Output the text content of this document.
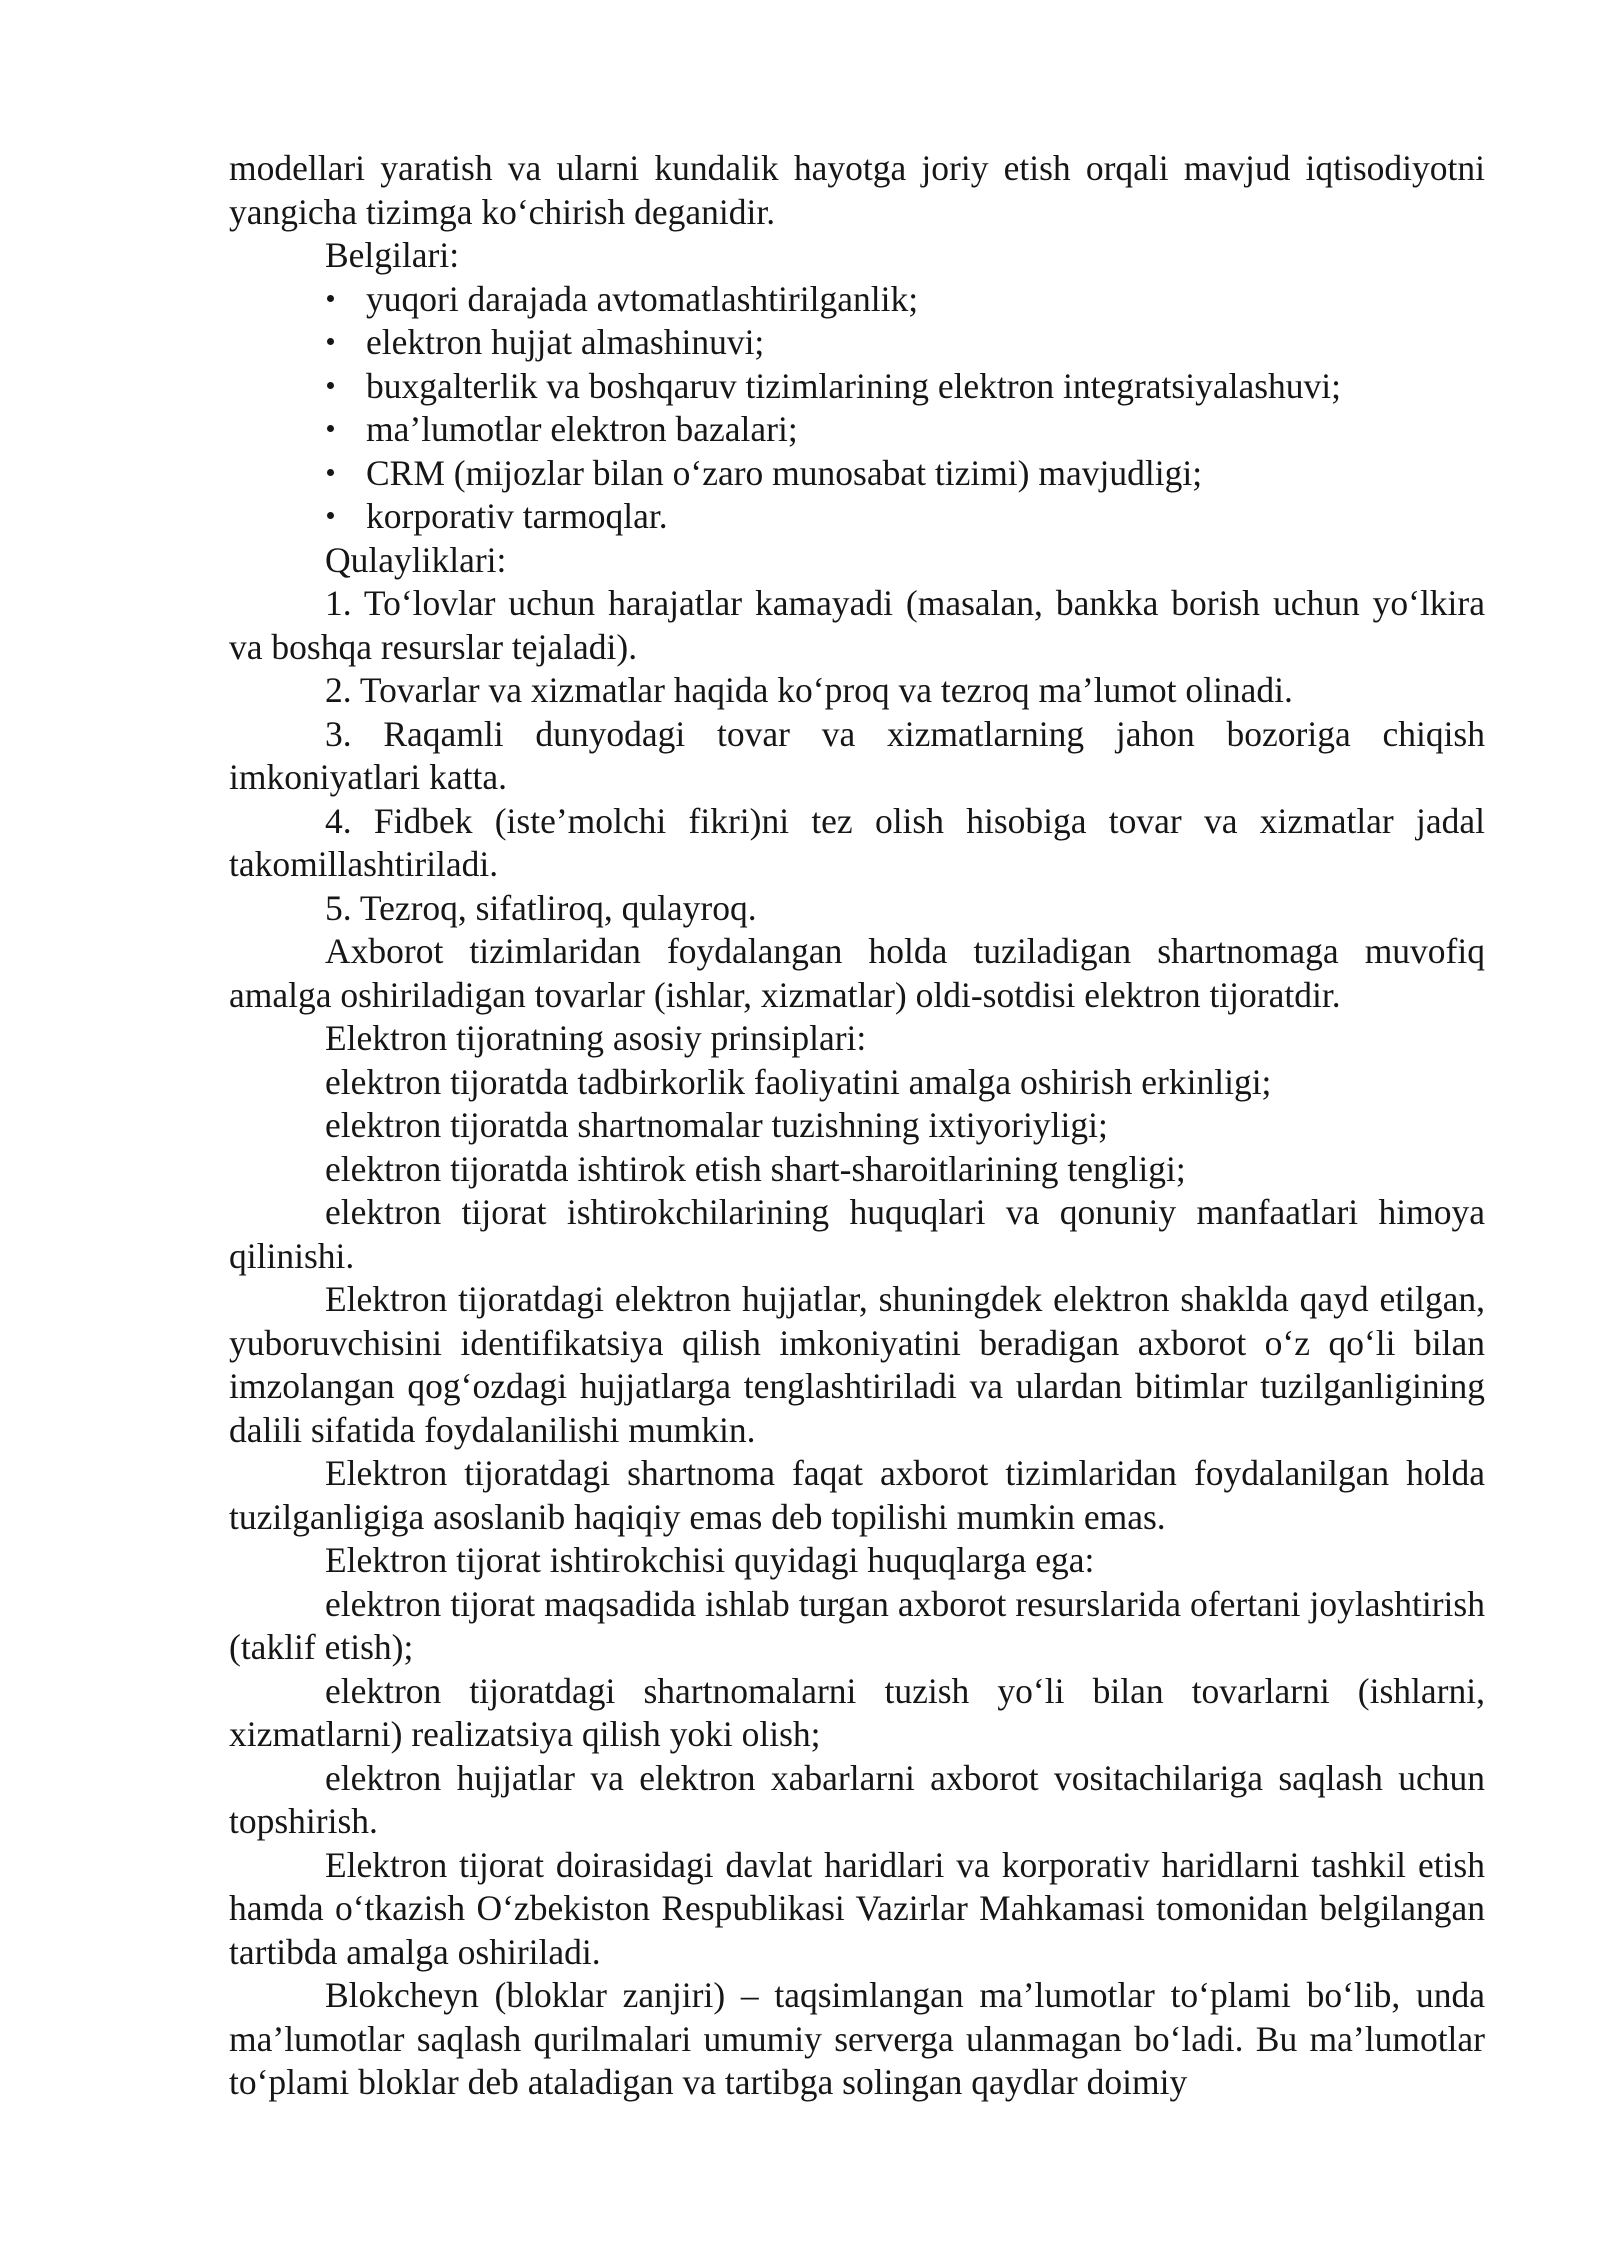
modellari yaratish va ularni kundalik hayotga joriy etish orqali mavjud iqtisodiyotni yangicha tizimga ko‘chirish deganidir.

Belgilari:

yuqori darajada avtomatlashtirilganlik;
elektron hujjat almashinuvi;
buxgalterlik va boshqaruv tizimlarining elektron integratsiyalashuvi;
ma’lumotlar elektron bazalari;
CRM (mijozlar bilan o‘zaro munosabat tizimi) mavjudligi;
korporativ tarmoqlar.

Qulayliklari:

1. To‘lovlar uchun harajatlar kamayadi (masalan, bankka borish uchun yo‘lkira va boshqa resurslar tejaladi).

2. Tovarlar va xizmatlar haqida ko‘proq va tezroq ma’lumot olinadi.

3. Raqamli dunyodagi tovar va xizmatlarning jahon bozoriga chiqish imkoniyatlari katta.

4. Fidbek (iste’molchi fikri)ni tez olish hisobiga tovar va xizmatlar jadal takomillashtiriladi.

5. Tezroq, sifatliroq, qulayroq.

Axborot tizimlaridan foydalangan holda tuziladigan shartnomaga muvofiq amalga oshiriladigan tovarlar (ishlar, xizmatlar) oldi-sotdisi elektron tijoratdir.

Elektron tijoratning asosiy prinsiplari:

elektron tijoratda tadbirkorlik faoliyatini amalga oshirish erkinligi;

elektron tijoratda shartnomalar tuzishning ixtiyoriyligi;

elektron tijoratda ishtirok etish shart-sharoitlarining tengligi;

elektron tijorat ishtirokchilarining huquqlari va qonuniy manfaatlari himoya qilinishi.

Elektron tijoratdagi elektron hujjatlar, shuningdek elektron shaklda qayd etilgan, yuboruvchisini identifikatsiya qilish imkoniyatini beradigan axborot o‘z qo‘li bilan imzolangan qog‘ozdagi hujjatlarga tenglashtiriladi va ulardan bitimlar tuzilganligining dalili sifatida foydalanilishi mumkin.

Elektron tijoratdagi shartnoma faqat axborot tizimlaridan foydalanilgan holda tuzilganligiga asoslanib haqiqiy emas deb topilishi mumkin emas.

Elektron tijorat ishtirokchisi quyidagi huquqlarga ega:

elektron tijorat maqsadida ishlab turgan axborot resurslarida ofertani joylashtirish (taklif etish);

elektron tijoratdagi shartnomalarni tuzish yo‘li bilan tovarlarni (ishlarni, xizmatlarni) realizatsiya qilish yoki olish;

elektron hujjatlar va elektron xabarlarni axborot vositachilariga saqlash uchun topshirish.

Elektron tijorat doirasidagi davlat haridlari va korporativ haridlarni tashkil etish hamda o‘tkazish O‘zbekiston Respublikasi Vazirlar Mahkamasi tomonidan belgilangan tartibda amalga oshiriladi.

Blokcheyn (bloklar zanjiri) – taqsimlangan ma’lumotlar to‘plami bo‘lib, unda ma’lumotlar saqlash qurilmalari umumiy serverga ulanmagan bo‘ladi. Bu ma’lumotlar to‘plami bloklar deb ataladigan va tartibga solingan qaydlar doimiy
